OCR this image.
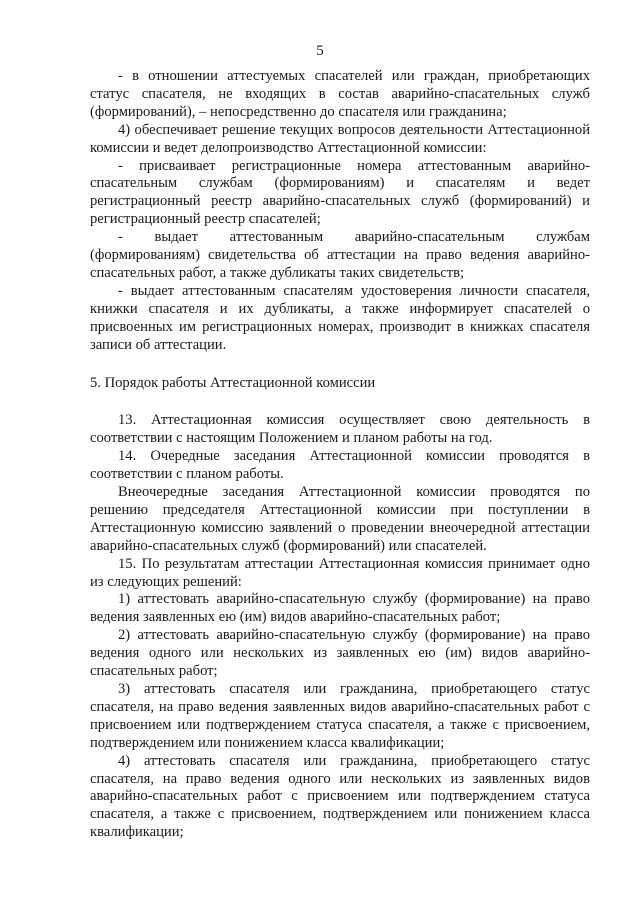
5

- в отношении аттестуемых спасателей или граждан, приобретающих статус спасателя, не входящих в состав аварийно-спасательных служб (формирований), – непосредственно до спасателя или гражданина;

4) обеспечивает решение текущих вопросов деятельности Аттестационной комиссии и ведет делопроизводство Аттестационной комиссии:

- присваивает регистрационные номера аттестованным аварийно-спасательным службам (формированиям) и спасателям и ведет регистрационный реестр аварийно-спасательных служб (формирований) и регистрационный реестр спасателей;

- выдает аттестованным аварийно-спасательным службам (формированиям) свидетельства об аттестации на право ведения аварийно-спасательных работ, а также дубликаты таких свидетельств;

- выдает аттестованным спасателям удостоверения личности спасателя, книжки спасателя и их дубликаты, а также информирует спасателей о присвоенных им регистрационных номерах, производит в книжках спасателя записи об аттестации.

5. Порядок работы Аттестационной комиссии

13. Аттестационная комиссия осуществляет свою деятельность в соответствии с настоящим Положением и планом работы на год.

14. Очередные заседания Аттестационной комиссии проводятся в соответствии с планом работы.

Внеочередные заседания Аттестационной комиссии проводятся по решению председателя Аттестационной комиссии при поступлении в Аттестационную комиссию заявлений о проведении внеочередной аттестации аварийно-спасательных служб (формирований) или спасателей.

15. По результатам аттестации Аттестационная комиссия принимает одно из следующих решений:

1) аттестовать аварийно-спасательную службу (формирование) на право ведения заявленных ею (им) видов аварийно-спасательных работ;

2) аттестовать аварийно-спасательную службу (формирование) на право ведения одного или нескольких из заявленных ею (им) видов аварийно-спасательных работ;

3) аттестовать спасателя или гражданина, приобретающего статус спасателя, на право ведения заявленных видов аварийно-спасательных работ с присвоением или подтверждением статуса спасателя, а также с присвоением, подтверждением или понижением класса квалификации;

4) аттестовать спасателя или гражданина, приобретающего статус спасателя, на право ведения одного или нескольких из заявленных видов аварийно-спасательных работ с присвоением или подтверждением статуса спасателя, а также с присвоением, подтверждением или понижением класса квалификации;
